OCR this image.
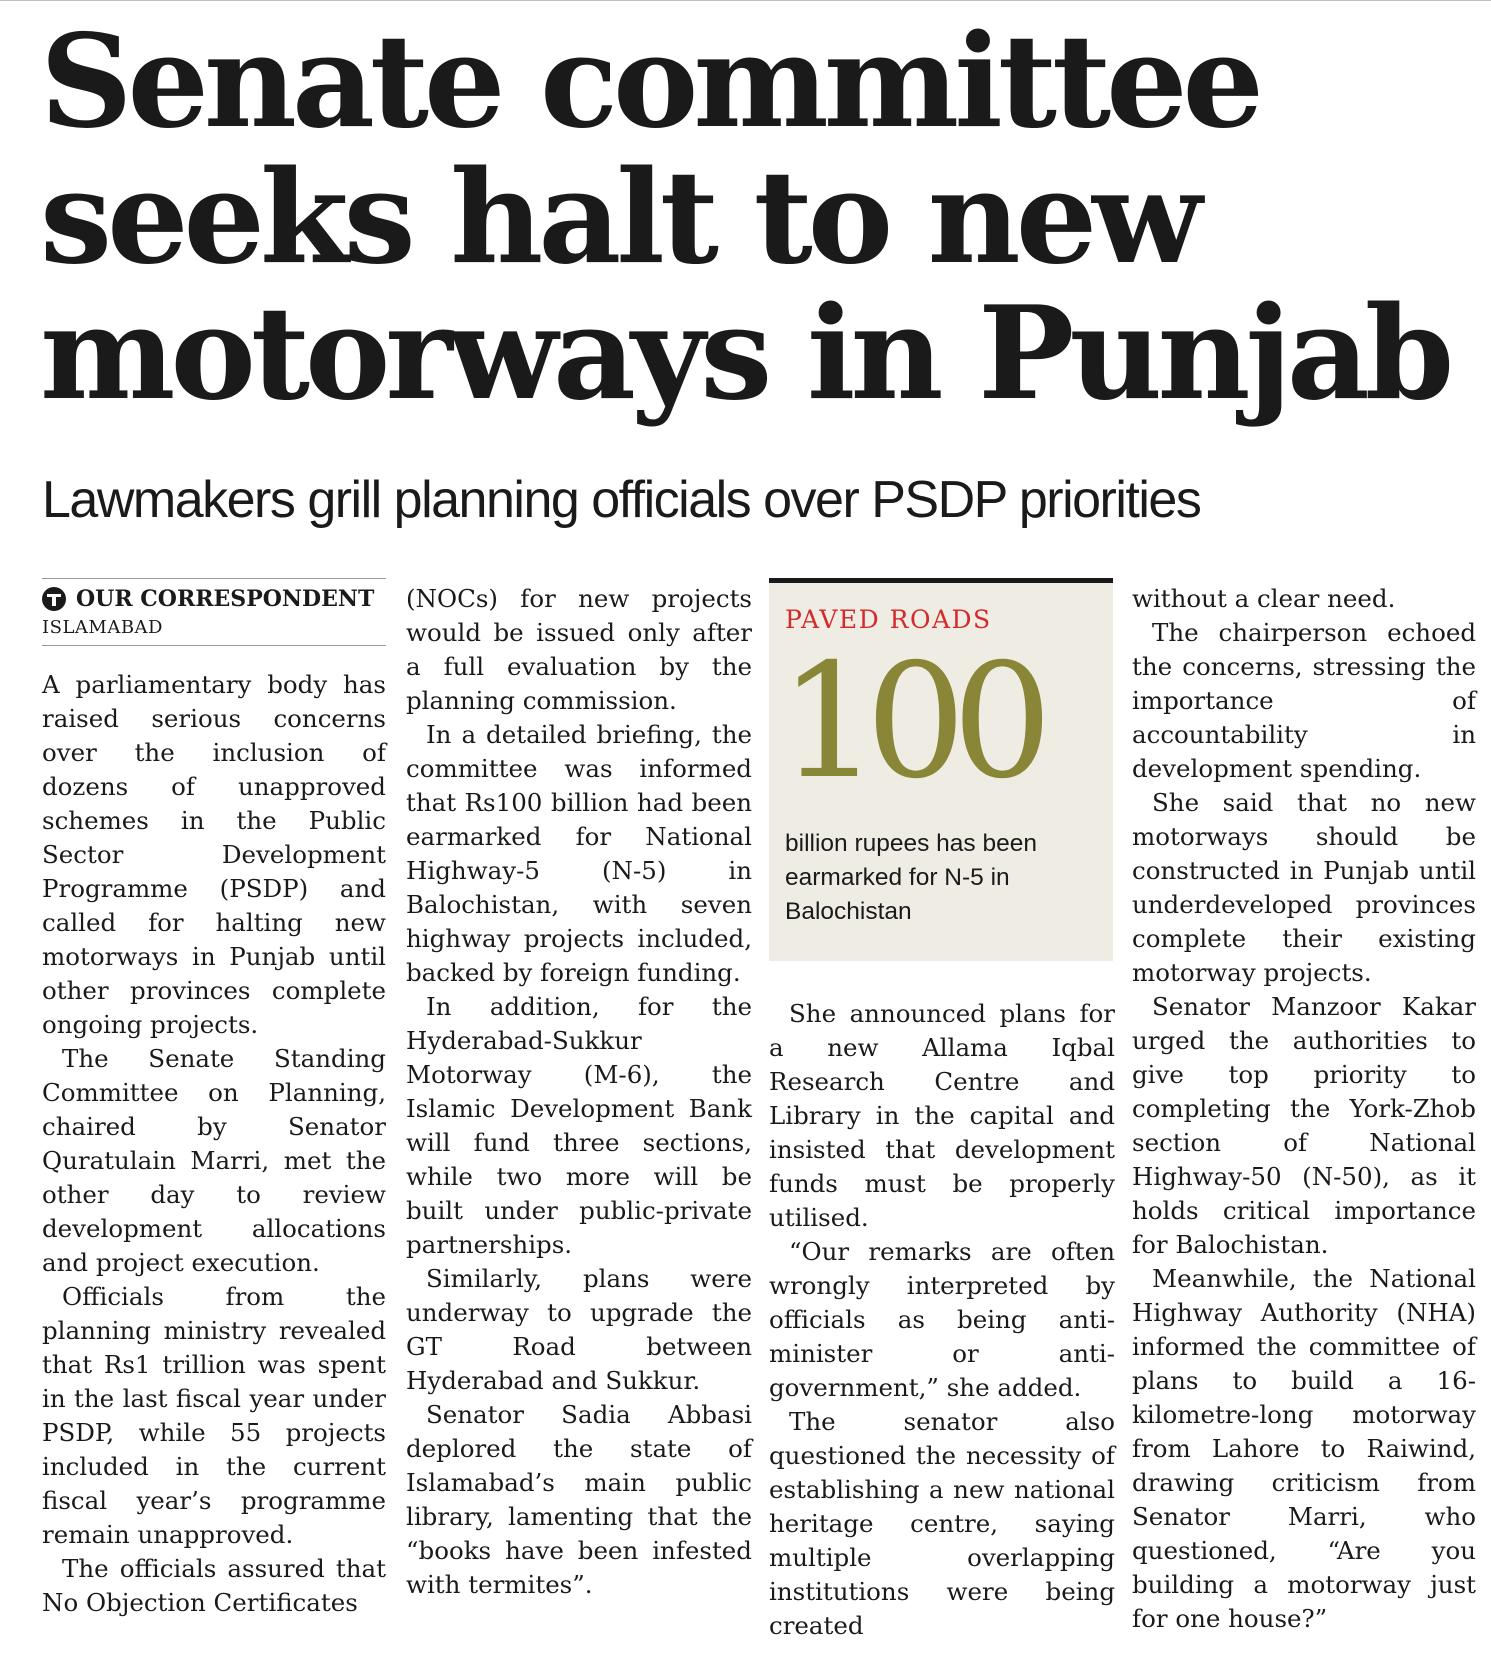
Senate committee
seeks halt to new
motorways in Punjab
Lawmakers grill planning officials over PSDP priorities
OUR CORRESPONDENT
ISLAMABAD

A parliamentary body has raised serious concerns over the inclusion of dozens of unapproved schemes in the Public Sector Development Programme (PSDP) and called for halting new motorways in Punjab until other provinces complete ongoing projects.

The Senate Standing Committee on Planning, chaired by Senator Quratulain Marri, met the other day to review development allocations and project execution.

Officials from the planning ministry revealed that Rs1 trillion was spent in the last fiscal year under PSDP, while 55 projects included in the current fiscal year’s programme remain unapproved.

The officials assured that No Objection Certificates

(NOCs) for new projects would be issued only after a full evaluation by the planning commission.

In a detailed briefing, the committee was informed that Rs100 billion had been earmarked for National Highway-5 (N-5) in Balochistan, with seven highway projects included, backed by foreign funding.

In addition, for the Hyderabad-Sukkur Motorway (M-6), the Islamic Development Bank will fund three sections, while two more will be built under public-private partnerships.

Similarly, plans were underway to upgrade the GT Road between Hyderabad and Sukkur.

Senator Sadia Abbasi deplored the state of Islamabad’s main public library, lamenting that the “books have been infested with termites”.

PAVED ROADS
100
billion rupees has been earmarked for N-5 in Balochistan

She announced plans for a new Allama Iqbal Research Centre and Library in the capital and insisted that development funds must be properly utilised.

“Our remarks are often wrongly interpreted by officials as being anti-minister or anti-government,” she added.

The senator also questioned the necessity of establishing a new national heritage centre, saying multiple overlapping institutions were being created

without a clear need.

The chairperson echoed the concerns, stressing the importance of accountability in development spending.

She said that no new motorways should be constructed in Punjab until underdeveloped provinces complete their existing motorway projects.

Senator Manzoor Kakar urged the authorities to give top priority to completing the York-Zhob section of National Highway-50 (N-50), as it holds critical importance for Balochistan.

Meanwhile, the National Highway Authority (NHA) informed the committee of plans to build a 16-kilometre-long motorway from Lahore to Raiwind, drawing criticism from Senator Marri, who questioned, “Are you building a motorway just for one house?”
